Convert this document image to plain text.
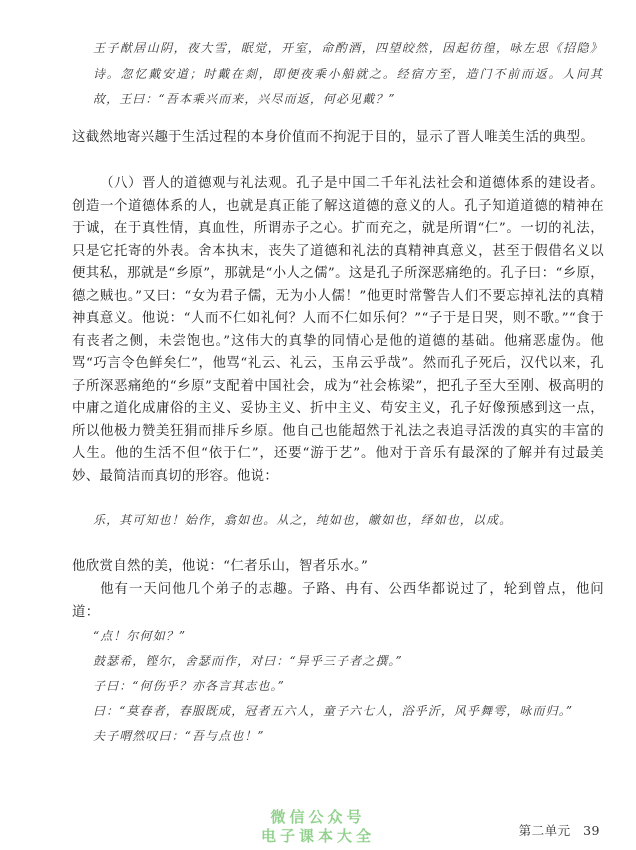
王子猷居山阴，夜大雪，眠觉，开室，命酌酒，四望皎然，因起彷徨，咏左思《招隐》诗。忽忆戴安道；时戴在剡，即便夜乘小船就之。经宿方至，造门不前而返。人问其故，王曰：“吾本乘兴而来，兴尽而返，何必见戴？”

这截然地寄兴趣于生活过程的本身价值而不拘泥于目的，显示了晋人唯美生活的典型。

（八）晋人的道德观与礼法观。孔子是中国二千年礼法社会和道德体系的建设者。创造一个道德体系的人，也就是真正能了解这道德的意义的人。孔子知道道德的精神在于诚，在于真性情，真血性，所谓赤子之心。扩而充之，就是所谓“仁”。一切的礼法，只是它托寄的外表。舍本执末，丧失了道德和礼法的真精神真意义，甚至于假借名义以便其私，那就是“乡原”，那就是“小人之儒”。这是孔子所深恶痛绝的。孔子曰：“乡原，德之贼也。”又曰：“女为君子儒，无为小人儒！”他更时常警告人们不要忘掉礼法的真精神真意义。他说：“人而不仁如礼何？人而不仁如乐何？”“子于是日哭，则不歌。”“食于有丧者之侧，未尝饱也。”这伟大的真挚的同情心是他的道德的基础。他痛恶虚伪。他骂“巧言令色鲜矣仁”，他骂“礼云、礼云，玉帛云乎哉”。然而孔子死后，汉代以来，孔子所深恶痛绝的“乡原”支配着中国社会，成为“社会栋梁”，把孔子至大至刚、极高明的中庸之道化成庸俗的主义、妥协主义、折中主义、苟安主义，孔子好像预感到这一点，所以他极力赞美狂狷而排斥乡原。他自己也能超然于礼法之表追寻活泼的真实的丰富的人生。他的生活不但“依于仁”，还要“游于艺”。他对于音乐有最深的了解并有过最美妙、最简洁而真切的形容。他说：

乐，其可知也！始作，翕如也。从之，纯如也，皦如也，绎如也，以成。

他欣赏自然的美，他说：“仁者乐山，智者乐水。”

他有一天问他几个弟子的志趣。子路、冉有、公西华都说过了，轮到曾点，他问道：

“点！尔何如？”

鼓瑟希，铿尔，舍瑟而作，对曰：“异乎三子者之撰。”

子曰：“何伤乎？亦各言其志也。”

曰：“莫春者，春服既成，冠者五六人，童子六七人，浴乎沂，风乎舞雩，咏而归。”

夫子喟然叹曰：“吾与点也！”

微信公众号
电子课本大全	第二单元 39
